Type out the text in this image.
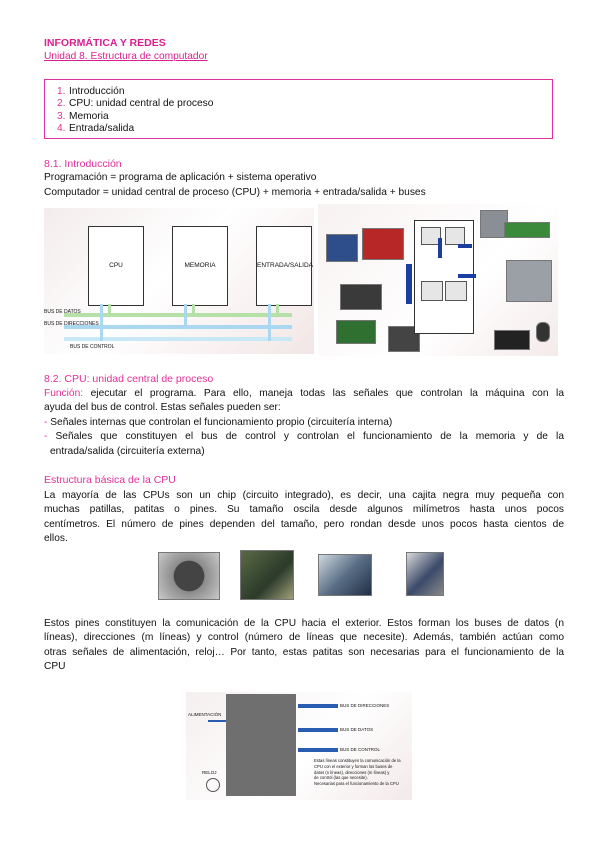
INFORMÁTICA Y REDES
Unidad 8. Estructura de computador
1. Introducción
2. CPU: unidad central de proceso
3. Memoria
4. Entrada/salida
8.1. Introducción
Programación = programa de aplicación + sistema operativo
Computador = unidad central de proceso (CPU) + memoria + entrada/salida + buses
CPU	MEMORIA	ENTRADA/SALIDA
BUS DE DATOS
BUS DE DIRECCIONES
BUS DE CONTROL
8.2. CPU: unidad central de proceso
Función: ejecutar el programa. Para ello, maneja todas las señales que controlan la máquina con la
ayuda del bus de control. Estas señales pueden ser:
- Señales internas que controlan el funcionamiento propio (circuitería interna)
- Señales que constituyen el bus de control y controlan el funcionamiento de la memoria y de la
entrada/salida (circuitería externa)
Estructura básica de la CPU
La mayoría de las CPUs son un chip (circuito integrado), es decir, una cajita negra muy pequeña con
muchas patillas, patitas o pines. Su tamaño oscila desde algunos milímetros hasta unos pocos
centímetros. El número de pines dependen del tamaño, pero rondan desde unos pocos hasta cientos de
ellos.
Estos pines constituyen la comunicación de la CPU hacia el exterior. Estos forman los buses de datos (n
líneas), direcciones (m líneas) y control (número de líneas que necesite). Además, también actúan como
otras señales de alimentación, reloj… Por tanto, estas patitas son necesarias para el funcionamiento de la
CPU
ALIMENTACIÓN
RELOJ
BUS DE DIRECCIONES
BUS DE DATOS
BUS DE CONTROL
Estas líneas constituyen la comunicación de la
CPU con el exterior y forman los buses de
datos (n líneas), direcciones (m líneas) y
de control (las que necesite).
Necesarias para el funcionamiento de la CPU
